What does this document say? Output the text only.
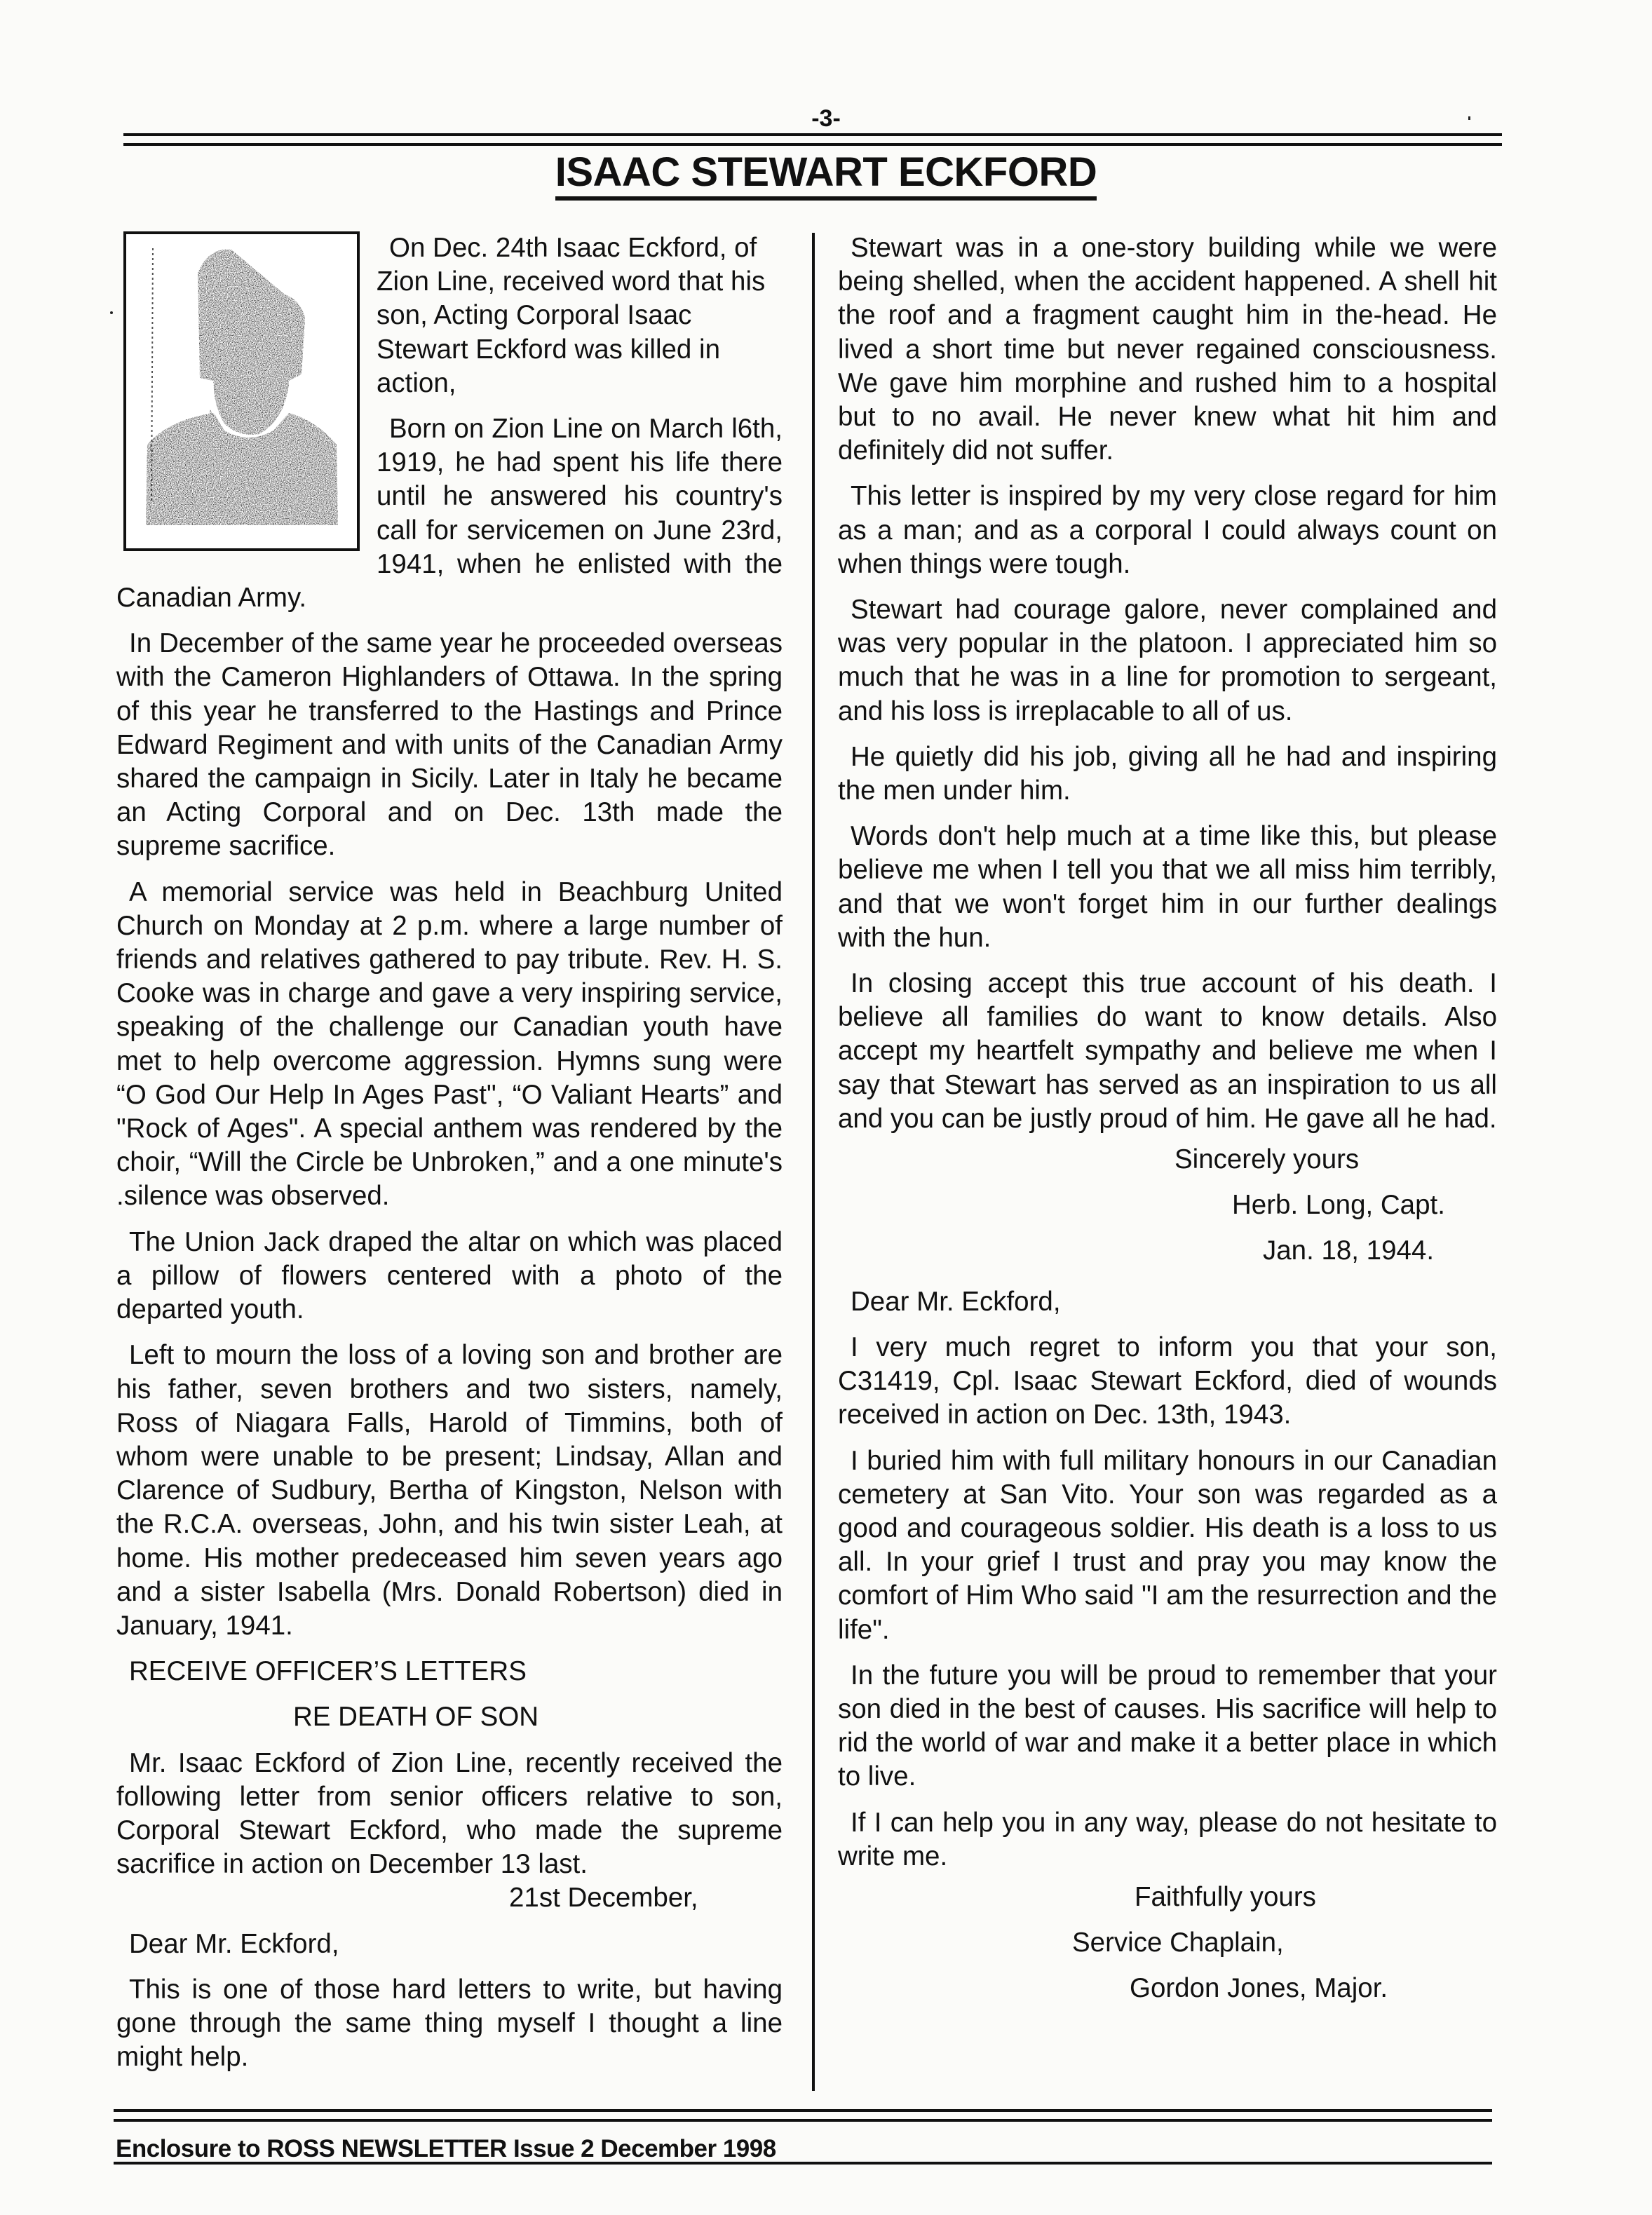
-3-
ISAAC STEWART ECKFORD

On Dec. 24th Isaac Eckford, of Zion Line, received word that his son, Acting Corporal Isaac Stewart Eckford was killed in action,

Born on Zion Line on March l6th, 1919, he had spent his life there until he answered his country's call for servicemen on June 23rd, 1941, when he enlisted with the Canadian Army.

In December of the same year he proceeded overseas with the Cameron Highlanders of Ottawa. In the spring of this year he transferred to the Hastings and Prince Edward Regiment and with units of the Canadian Army shared the campaign in Sicily. Later in Italy he became an Acting Corporal and on Dec. 13th made the supreme sacrifice.

A memorial service was held in Beachburg United Church on Monday at 2 p.m. where a large number of friends and relatives gathered to pay tribute. Rev. H. S. Cooke was in charge and gave a very inspiring service, speaking of the challenge our Canadian youth have met to help overcome aggression. Hymns sung were “O God Our Help In Ages Past", “O Valiant Hearts” and "Rock of Ages". A special anthem was rendered by the choir, “Will the Circle be Unbroken,” and a one minute's .silence was observed.

The Union Jack draped the altar on which was placed a pillow of flowers centered with a photo of the departed youth.

Left to mourn the loss of a loving son and brother are his father, seven brothers and two sisters, namely, Ross of Niagara Falls, Harold of Timmins, both of whom were unable to be present; Lindsay, Allan and Clarence of Sudbury, Bertha of Kingston, Nelson with the R.C.A. overseas, John, and his twin sister Leah, at home. His mother predeceased him seven years ago and a sister Isabella (Mrs. Donald Robertson) died in January, 1941.

RECEIVE OFFICER’S LETTERS

RE DEATH OF SON

Mr. Isaac Eckford of Zion Line, recently received the following letter from senior officers relative to son, Corporal Stewart Eckford, who made the supreme sacrifice in action on December 13 last.

21st December,

Dear Mr. Eckford,

This is one of those hard letters to write, but having gone through the same thing myself I thought a line might help.

Stewart was in a one-story building while we were being shelled, when the accident happened. A shell hit the roof and a fragment caught him in the-head. He lived a short time but never regained consciousness. We gave him morphine and rushed him to a hospital but to no avail. He never knew what hit him and definitely did not suffer.

This letter is inspired by my very close regard for him as a man; and as a corporal I could always count on when things were tough.

Stewart had courage galore, never complained and was very popular in the platoon. I appreciated him so much that he was in a line for promotion to sergeant, and his loss is irreplacable to all of us.

He quietly did his job, giving all he had and inspiring the men under him.

Words don't help much at a time like this, but please believe me when I tell you that we all miss him terribly, and that we won't forget him in our further dealings with the hun.

In closing accept this true account of his death. I believe all families do want to know details. Also accept my heartfelt sympathy and believe me when I say that Stewart has served as an inspiration to us all and you can be justly proud of him. He gave all he had.

Sincerely yours

Herb. Long, Capt.

Jan. 18, 1944.

Dear Mr. Eckford,

I very much regret to inform you that your son, C31419, Cpl. Isaac Stewart Eckford, died of wounds received in action on Dec. 13th, 1943.

I buried him with full military honours in our Canadian cemetery at San Vito. Your son was regarded as a good and courageous soldier. His death is a loss to us all. In your grief I trust and pray you may know the comfort of Him Who said "I am the resurrection and the life".

In the future you will be proud to remember that your son died in the best of causes. His sacrifice will help to rid the world of war and make it a better place in which to live.

If I can help you in any way, please do not hesitate to write me.

Faithfully yours

Service Chaplain,

Gordon Jones, Major.

Enclosure to ROSS NEWSLETTER Issue 2 December 1998
